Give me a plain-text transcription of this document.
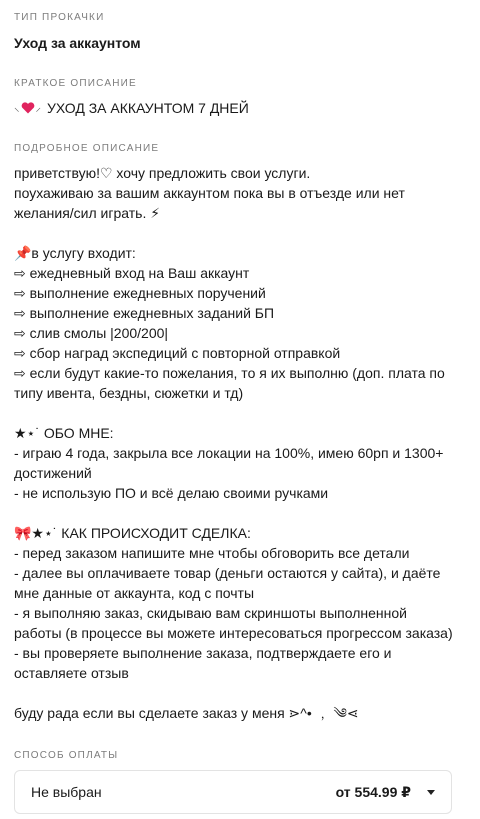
ТИП ПРОКАЧКИ
Уход за аккаунтом
КРАТКОЕ ОПИСАНИЕ
⸜ ⸝ УХОД ЗА АККАУНТОМ 7 ДНЕЙ
ПОДРОБНОЕ ОПИСАНИЕ
приветствую!♡ хочу предложить свои услуги.
поухаживаю за вашим аккаунтом пока вы в отъезде или нет
желания/сил играть. ⚡
📌в услугу входит:
⇨ ежедневный вход на Ваш аккаунт
⇨ выполнение ежедневных поручений
⇨ выполнение ежедневных заданий БП
⇨ слив смолы |200/200|
⇨ сбор наград экспедиций с повторной отправкой
⇨ если будут какие-то пожелания, то я их выполню (доп. плата по
типу ивента, бездны, сюжетки и тд)
★⋆˙ ОБО МНЕ:
- играю 4 года, закрыла все локации на 100%, имею 60рп и 1300+
достижений
- не использую ПО и всё делаю своими ручками
🎀★⋆˙ КАК ПРОИСХОДИТ СДЕЛКА:
- перед заказом напишите мне чтобы обговорить все детали
- далее вы оплачиваете товар (деньги остаются у сайта), и даёте
мне данные от аккаунта, код с почты
- я выполняю заказ, скидываю вам скриншоты выполненной
работы (в процессе вы можете интересоваться прогрессом заказа)
- вы проверяете выполнение заказа, подтверждаете его и
оставляете отзыв
буду рада если вы сделаете заказ у меня ⋗^• ﹐ ༄⋖
СПОСОБ ОПЛАТЫ
Не выбран	от 554.99 ₽
